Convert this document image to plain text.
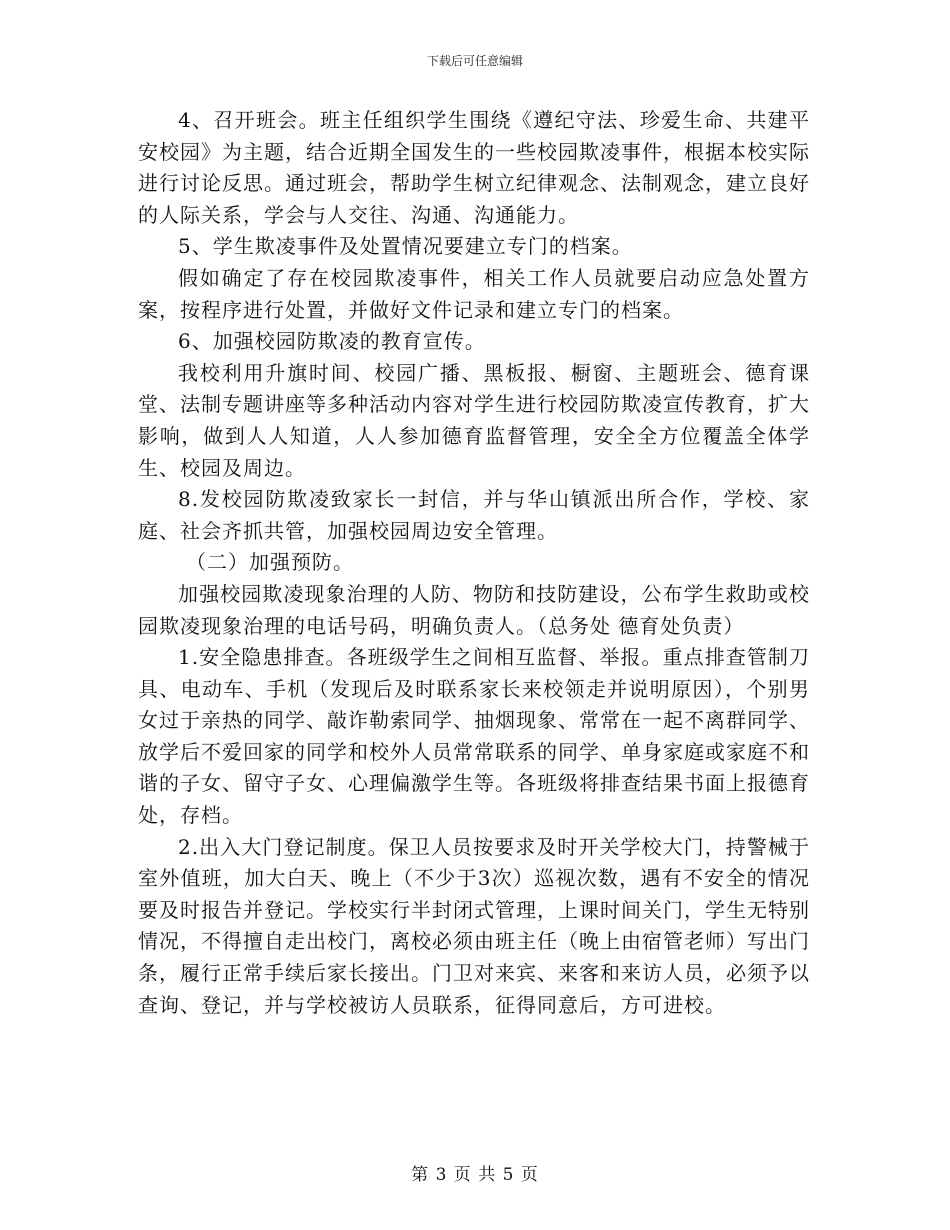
下载后可任意编辑

4、召开班会。班主任组织学生围绕《遵纪守法、珍爱生命、共建平安校园》为主题，结合近期全国发生的一些校园欺凌事件，根据本校实际进行讨论反思。通过班会，帮助学生树立纪律观念、法制观念，建立良好的人际关系，学会与人交往、沟通、沟通能力。

5、学生欺凌事件及处置情况要建立专门的档案。

假如确定了存在校园欺凌事件，相关工作人员就要启动应急处置方案，按程序进行处置，并做好文件记录和建立专门的档案。

6、加强校园防欺凌的教育宣传。

我校利用升旗时间、校园广播、黑板报、橱窗、主题班会、德育课堂、法制专题讲座等多种活动内容对学生进行校园防欺凌宣传教育，扩大影响，做到人人知道，人人参加德育监督管理，安全全方位覆盖全体学生、校园及周边。

8.发校园防欺凌致家长一封信，并与华山镇派出所合作，学校、家庭、社会齐抓共管，加强校园周边安全管理。

（二）加强预防。

加强校园欺凌现象治理的人防、物防和技防建设，公布学生救助或校园欺凌现象治理的电话号码，明确负责人。（总务处 德育处负责）

1.安全隐患排查。各班级学生之间相互监督、举报。重点排查管制刀具、电动车、手机（发现后及时联系家长来校领走并说明原因），个别男女过于亲热的同学、敲诈勒索同学、抽烟现象、常常在一起不离群同学、放学后不爱回家的同学和校外人员常常联系的同学、单身家庭或家庭不和谐的子女、留守子女、心理偏激学生等。各班级将排查结果书面上报德育处，存档。

2.出入大门登记制度。保卫人员按要求及时开关学校大门，持警械于室外值班，加大白天、晚上（不少于3次）巡视次数，遇有不安全的情况要及时报告并登记。学校实行半封闭式管理，上课时间关门，学生无特别情况，不得擅自走出校门，离校必须由班主任（晚上由宿管老师）写出门条，履行正常手续后家长接出。门卫对来宾、来客和来访人员，必须予以查询、登记，并与学校被访人员联系，征得同意后，方可进校。

第 3 页 共 5 页
